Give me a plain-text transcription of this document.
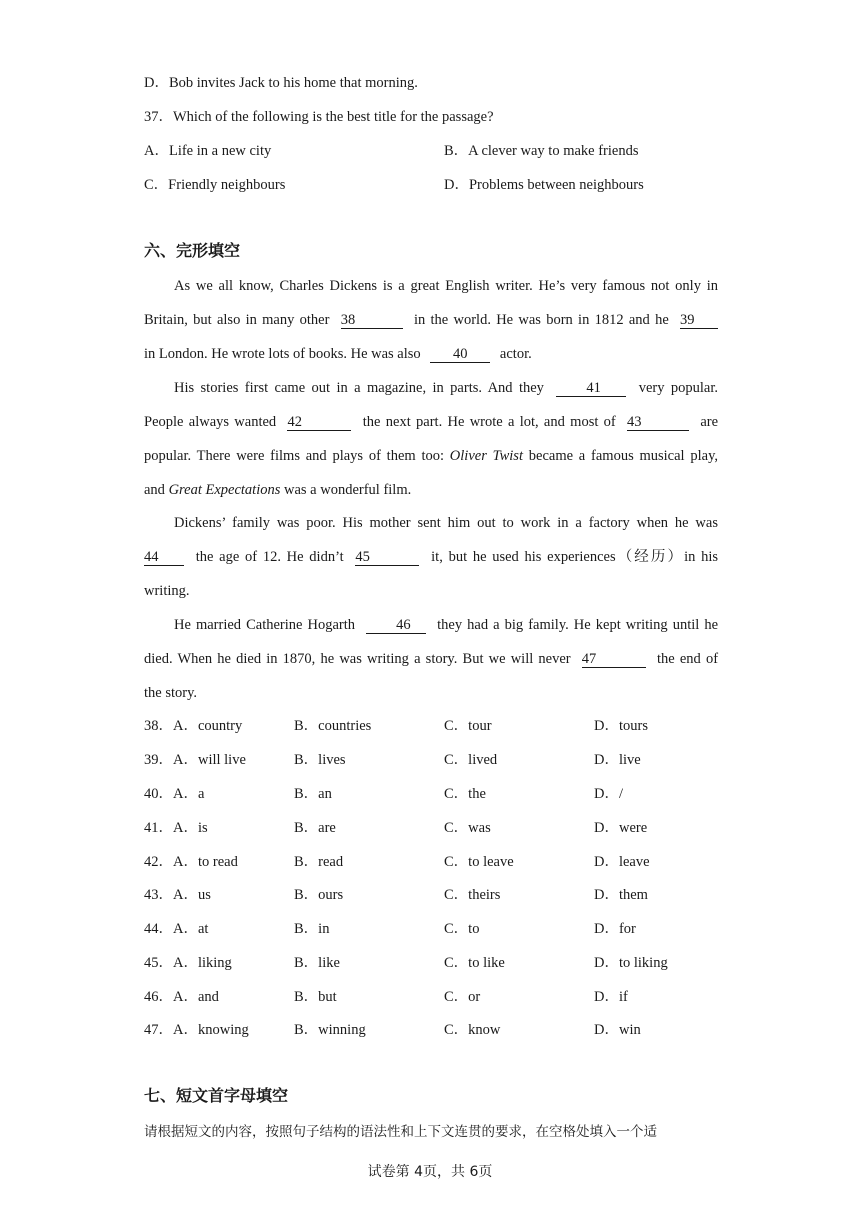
D．Bob invites Jack to his home that morning.
37．Which of the following is the best title for the passage?
A．Life in a new city	B．A clever way to make friends
C．Friendly neighbours	D．Problems between neighbours
六、完形填空
As we all know, Charles Dickens is a great English writer. He’s very famous not only in
Britain, but also in many other 38	in the world. He was born in 1812 and he 39
in London. He wrote lots of books. He was also 40 actor.
His stories first came out in a magazine, in parts. And they	41	very popular.
People always wanted 42	the next part. He wrote a lot, and most of 43	are
popular. There were films and plays of them too: Oliver Twist became a famous musical play,
and Great Expectations was a wonderful film.
Dickens’ family was poor. His mother sent him out to work in a factory when he was
44	the age of 12. He didn’t 45	it, but he used his experiences（经历）in his
writing.
He married Catherine Hogarth	46 they had a big family. He kept writing until he
died. When he died in 1870, he was writing a story. But we will never 47	the end of
the story.
38．A．country	B．countries	C．tour	D．tours
39．A．will live	B．lives	C．lived	D．live
40．A．a	B．an	C．the	D．/
41．A．is	B．are	C．was	D．were
42．A．to read	B．read	C．to leave	D．leave
43．A．us	B．ours	C．theirs	D．them
44．A．at	B．in	C．to	D．for
45．A．liking	B．like	C．to like	D．to liking
46．A．and	B．but	C．or	D．if
47．A．knowing	B．winning	C．know	D．win
七、短文首字母填空
请根据短文的内容，按照句子结构的语法性和上下文连贯的要求，在空格处填入一个适
试卷第 4页，共 6页
